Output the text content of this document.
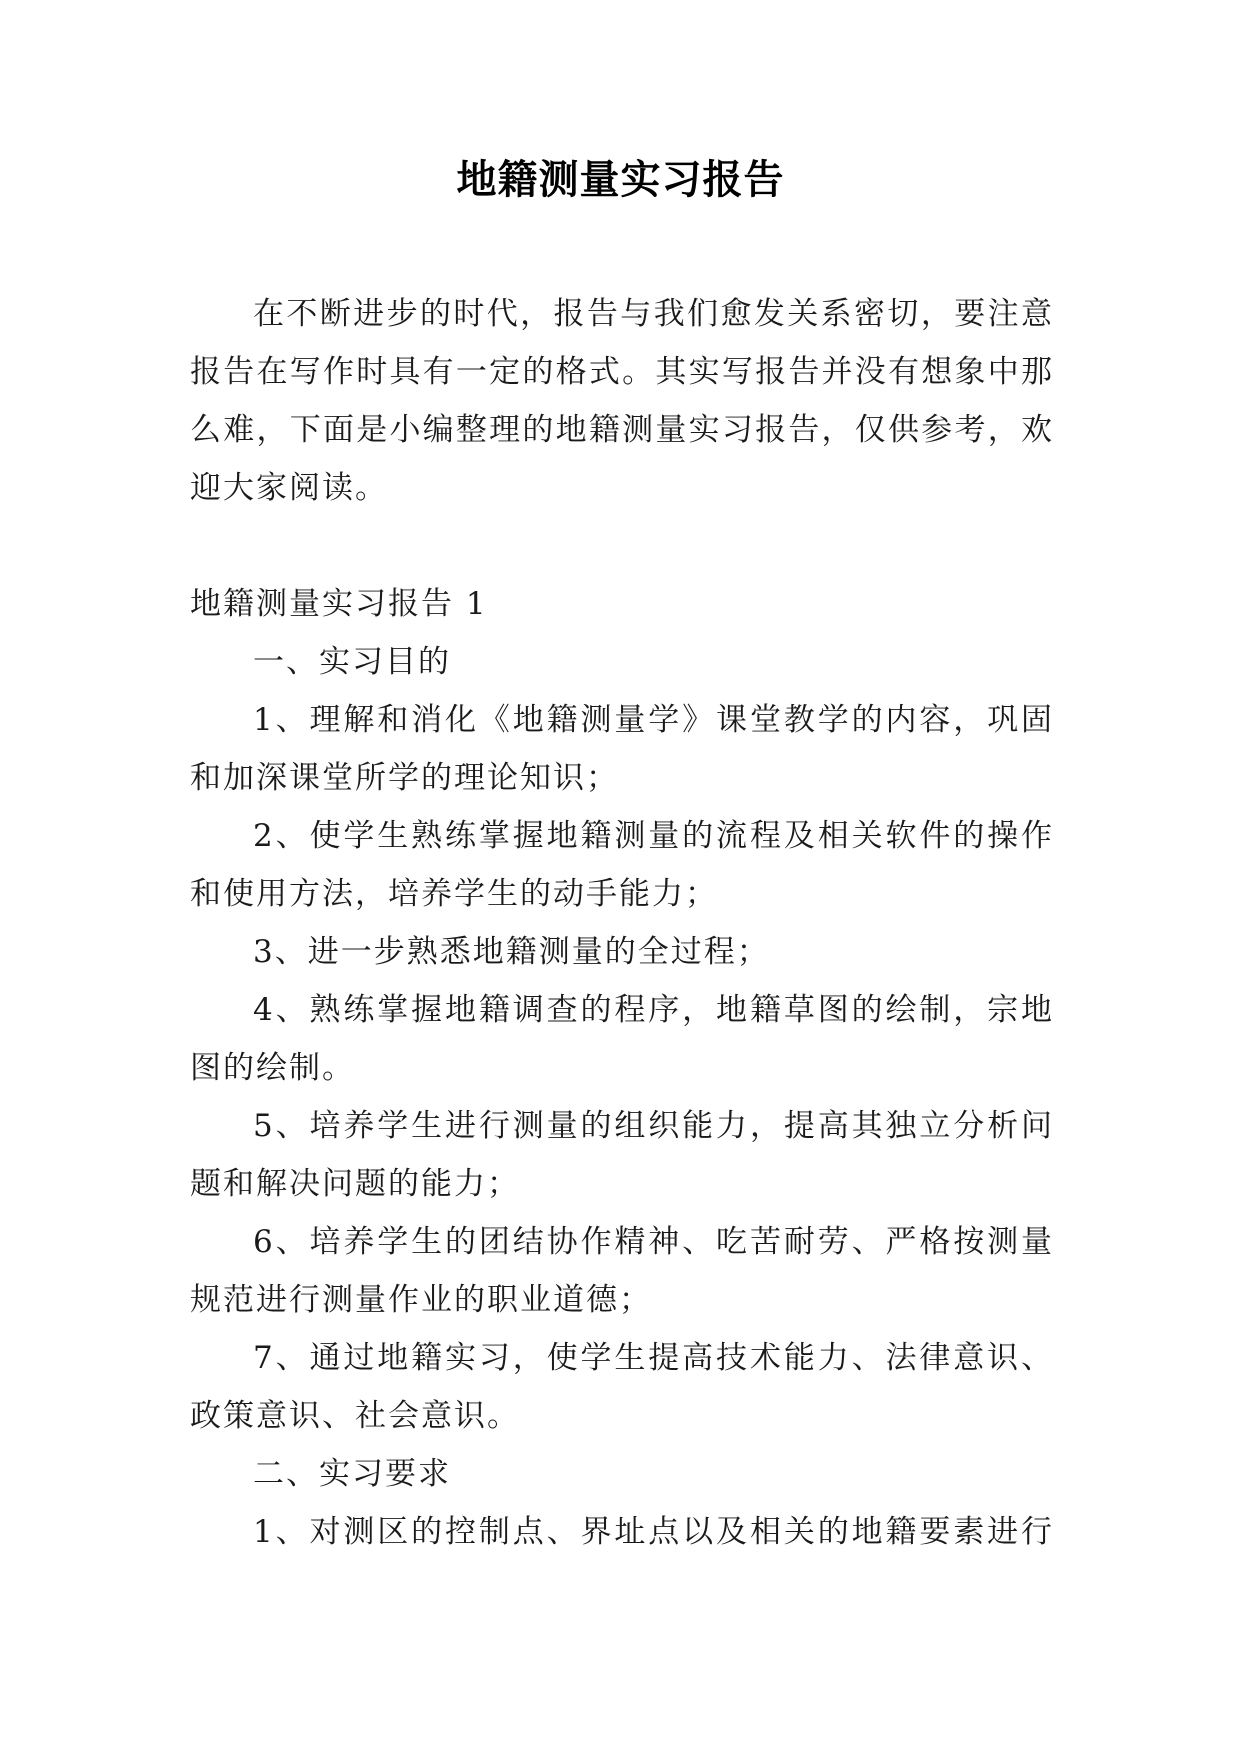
地籍测量实习报告
在不断进步的时代，报告与我们愈发关系密切，要注意
报告在写作时具有一定的格式。其实写报告并没有想象中那
么难，下面是小编整理的地籍测量实习报告，仅供参考，欢
迎大家阅读。
地籍测量实习报告 1
一、实习目的
1、理解和消化《地籍测量学》课堂教学的内容，巩固
和加深课堂所学的理论知识；
2、使学生熟练掌握地籍测量的流程及相关软件的操作
和使用方法，培养学生的动手能力；
3、进一步熟悉地籍测量的全过程；
4、熟练掌握地籍调查的程序，地籍草图的绘制，宗地
图的绘制。
5、培养学生进行测量的组织能力，提高其独立分析问
题和解决问题的能力；
6、培养学生的团结协作精神、吃苦耐劳、严格按测量
规范进行测量作业的职业道德；
7、通过地籍实习，使学生提高技术能力、法律意识、
政策意识、社会意识。
二、实习要求
1、对测区的控制点、界址点以及相关的地籍要素进行
